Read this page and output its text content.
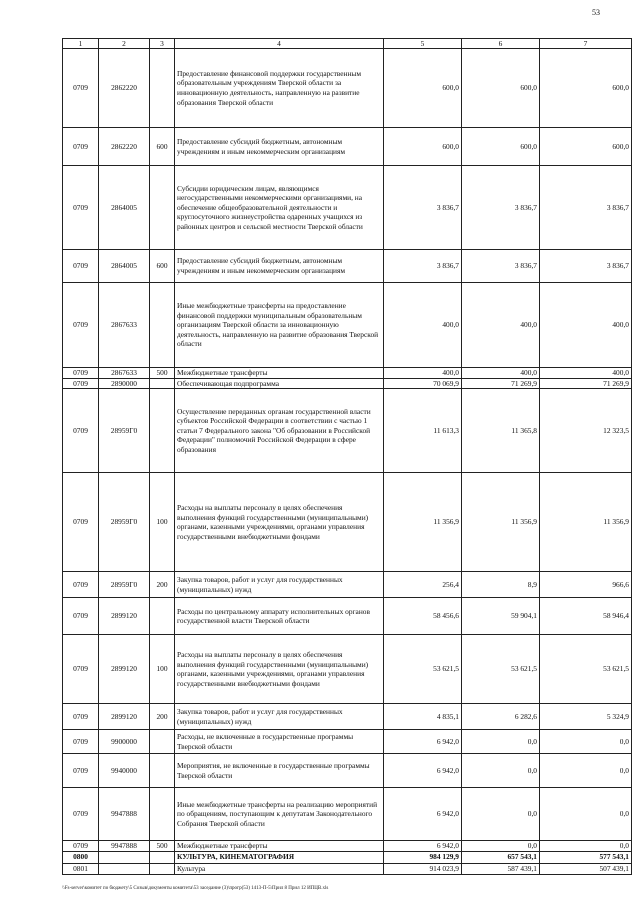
53
1	2	3	4	5	6	7
0709	2862220		Предоставление финансовой поддержки государственным образовательным учреждениям Тверской области за инновационную деятельность, направленную на развитие образования Тверской области	600,0	600,0	600,0
0709	2862220	600	Предоставление субсидий бюджетным, автономным учреждениям и иным некоммерческим организациям	600,0	600,0	600,0
0709	2864005		Субсидии юридическим лицам, являющимся негосударственными некоммерческими организациями, на обеспечение общеобразовательной деятельности и круглосуточного жизнеустройства одаренных учащихся из районных центров и сельской местности Тверской области	3 836,7	3 836,7	3 836,7
0709	2864005	600	Предоставление субсидий бюджетным, автономным учреждениям и иным некоммерческим организациям	3 836,7	3 836,7	3 836,7
0709	2867633		Иные межбюджетные трансферты на предоставление финансовой поддержки муниципальным образовательным организациям Тверской области за инновационную деятельность, направленную на развитие образования Тверской области	400,0	400,0	400,0
0709	2867633	500	Межбюджетные трансферты	400,0	400,0	400,0
0709	2890000		Обеспечивающая подпрограмма	70 069,9	71 269,9	71 269,9
0709	28959Г0		Осуществление переданных органам государственной власти субъектов Российской Федерации в соответствии с частью 1 статьи 7 Федерального закона "Об образовании в Российской Федерации" полномочий Российской Федерации в сфере образования	11 613,3	11 365,8	12 323,5
0709	28959Г0	100	Расходы на выплаты персоналу в целях обеспечения выполнения функций государственными (муниципальными) органами, казенными учреждениями, органами управления государственными внебюджетными фондами	11 356,9	11 356,9	11 356,9
0709	28959Г0	200	Закупка товаров, работ и услуг для государственных (муниципальных) нужд	256,4	8,9	966,6
0709	2899120		Расходы по центральному аппарату исполнительных органов государственной власти Тверской области	58 456,6	59 904,1	58 946,4
0709	2899120	100	Расходы на выплаты персоналу в целях обеспечения выполнения функций государственными (муниципальными) органами, казенными учреждениями, органами управления государственными внебюджетными фондами	53 621,5	53 621,5	53 621,5
0709	2899120	200	Закупка товаров, работ и услуг для государственных (муниципальных) нужд	4 835,1	6 282,6	5 324,9
0709	9900000		Расходы, не включенные в государственные программы Тверской области	6 942,0	0,0	0,0
0709	9940000		Мероприятия, не включенные в государственные программы Тверской области	6 942,0	0,0	0,0
0709	9947888		Иные межбюджетные трансферты на реализацию мероприятий по обращениям, поступающим к депутатам Законодательного Собрания Тверской области	6 942,0	0,0	0,0
0709	9947888	500	Межбюджетные трансферты	6 942,0	0,0	0,0
0800			КУЛЬТУРА, КИНЕМАТОГРАФИЯ	984 129,9	657 543,1	577 543,1
0801			Культура	914 023,9	587 439,1	507 439,1
\\Fs-server\комитет по бюджету\5 Созыв\документы комитета\53 заседание (3)\прогр(53) 1413-П-5\Прил 8 Прил 12 ИПЦВ.xls
